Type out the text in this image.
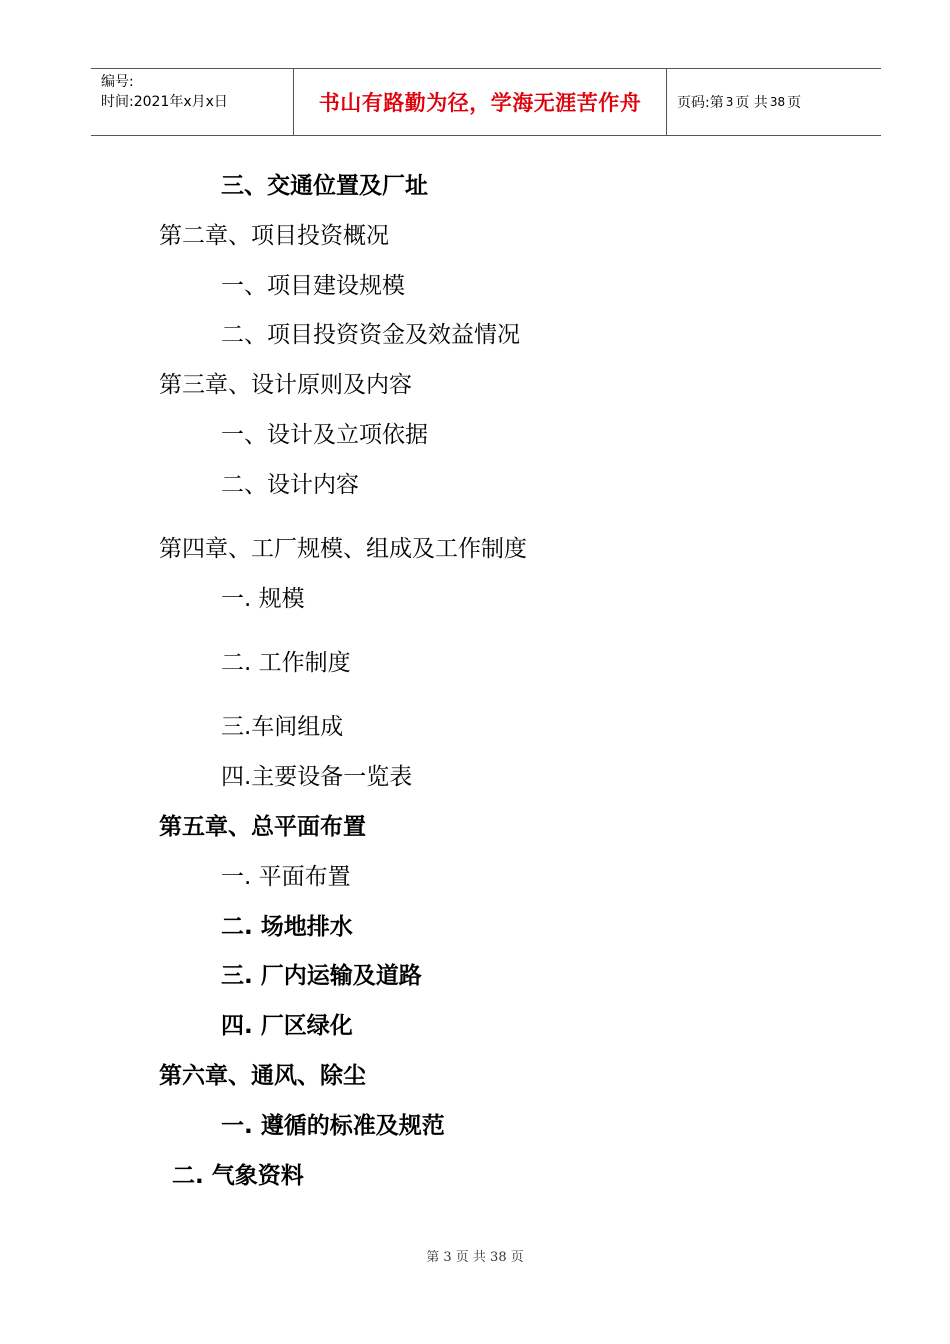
编号:
时间:2021年x月x日	书山有路勤为径，学海无涯苦作舟	页码:第 3 页 共 38 页
三、交通位置及厂址
第二章、项目投资概况
一、项目建设规模
二、项目投资资金及效益情况
第三章、设计原则及内容
一、设计及立项依据
二、设计内容
第四章、工厂规模、组成及工作制度
一. 规模
二. 工作制度
三.车间组成
四.主要设备一览表
第五章、总平面布置
一. 平面布置
二. 场地排水
三. 厂内运输及道路
四. 厂区绿化
第六章、通风、除尘
一. 遵循的标准及规范
二. 气象资料
第 3 页 共 38 页
